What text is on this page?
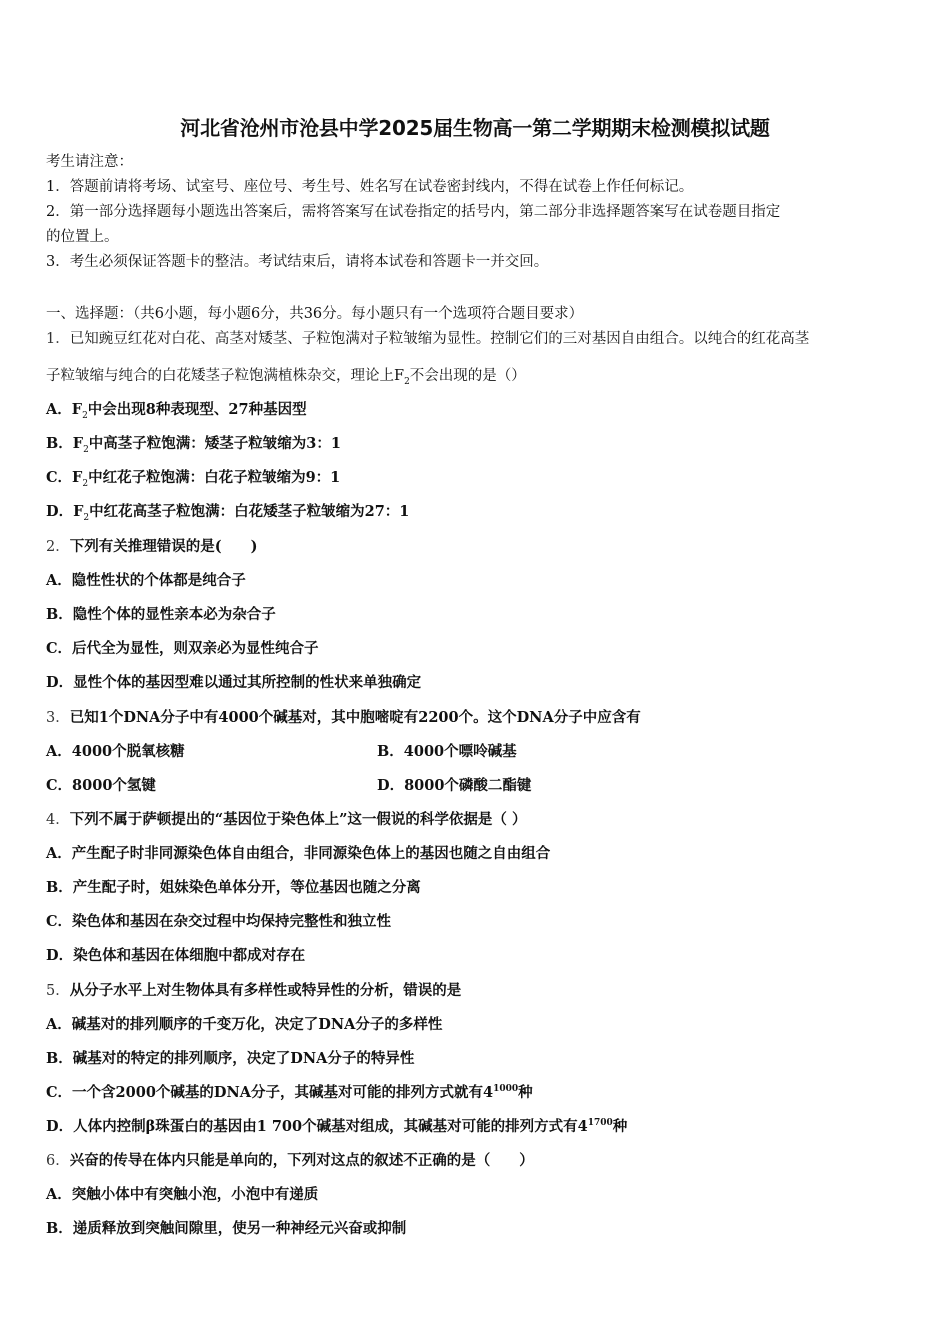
河北省沧州市沧县中学2025届生物高一第二学期期末检测模拟试题
考生请注意：
1．答题前请将考场、试室号、座位号、考生号、姓名写在试卷密封线内，不得在试卷上作任何标记。
2．第一部分选择题每小题选出答案后，需将答案写在试卷指定的括号内，第二部分非选择题答案写在试卷题目指定
的位置上。
3．考生必须保证答题卡的整洁。考试结束后，请将本试卷和答题卡一并交回。
一、选择题：（共6小题，每小题6分，共36分。每小题只有一个选项符合题目要求）
1．已知豌豆红花对白花、高茎对矮茎、子粒饱满对子粒皱缩为显性。控制它们的三对基因自由组合。以纯合的红花高茎
子粒皱缩与纯合的白花矮茎子粒饱满植株杂交，理论上$F_2$不会出现的是（）
A．$F_2$中会出现8种表现型、27种基因型
B．$F_2$中高茎子粒饱满：矮茎子粒皱缩为3：1
C．$F_2$中红花子粒饱满：白花子粒皱缩为9：1
D．$F_2$中红花高茎子粒饱满：白花矮茎子粒皱缩为27：1
2．下列有关推理错误的是(　　)
A．隐性性状的个体都是纯合子
B．隐性个体的显性亲本必为杂合子
C．后代全为显性，则双亲必为显性纯合子
D．显性个体的基因型难以通过其所控制的性状来单独确定
3．已知1个DNA分子中有4000个碱基对，其中胞嘧啶有2200个。这个DNA分子中应含有
A．4000个脱氧核糖	B．4000个嘌呤碱基
C．8000个氢键	D．8000个磷酸二酯键
4．下列不属于萨顿提出的“基因位于染色体上”这一假说的科学依据是（ ）
A．产生配子时非同源染色体自由组合，非同源染色体上的基因也随之自由组合
B．产生配子时，姐妹染色单体分开，等位基因也随之分离
C．染色体和基因在杂交过程中均保持完整性和独立性
D．染色体和基因在体细胞中都成对存在
5．从分子水平上对生物体具有多样性或特异性的分析，错误的是
A．碱基对的排列顺序的千变万化，决定了DNA分子的多样性
B．碱基对的特定的排列顺序，决定了DNA分子的特异性
C．一个含2000个碱基的DNA分子，其碱基对可能的排列方式就有$4^{1000}$种
D．人体内控制β珠蛋白的基因由1 700个碱基对组成，其碱基对可能的排列方式有$4^{1700}$种
6．兴奋的传导在体内只能是单向的，下列对这点的叙述不正确的是（　　）
A．突触小体中有突触小泡，小泡中有递质
B．递质释放到突触间隙里，使另一种神经元兴奋或抑制
